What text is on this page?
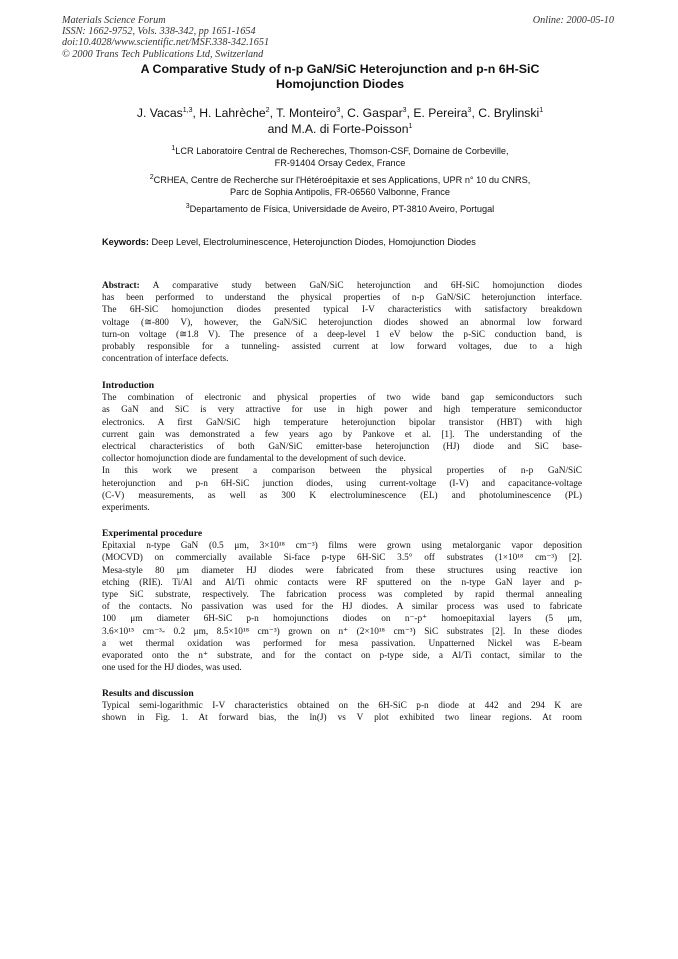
Materials Science Forum
ISSN: 1662-9752, Vols. 338-342, pp 1651-1654
doi:10.4028/www.scientific.net/MSF.338-342.1651
© 2000 Trans Tech Publications Ltd, Switzerland
Online: 2000-05-10
A Comparative Study of n-p GaN/SiC Heterojunction and p-n 6H-SiC
Homojunction Diodes
J. Vacas$^{1,3}$, H. Lahrèche$^2$, T. Monteiro$^3$, C. Gaspar$^3$, E. Pereira$^3$, C. Brylinski$^1$
and M.A. di Forte-Poisson$^1$
$^1$LCR Laboratoire Central de Rechereches, Thomson-CSF, Domaine de Corbeville,
FR-91404 Orsay Cedex, France
$^2$CRHEA, Centre de Recherche sur l'Hétéroépitaxie et ses Applications, UPR n° 10 du CNRS,
Parc de Sophia Antipolis, FR-06560 Valbonne, France
$^3$Departamento de Física, Universidade de Aveiro, PT-3810 Aveiro, Portugal
Keywords: Deep Level, Electroluminescence, Heterojunction Diodes, Homojunction Diodes
Abstract: A comparative study between GaN/SiC heterojunction and 6H-SiC homojunction diodes
has been performed to understand the physical properties of n-p GaN/SiC heterojunction interface.
The 6H-SiC homojunction diodes presented typical I-V characteristics with satisfactory breakdown
voltage (≅-800 V), however, the GaN/SiC heterojunction diodes showed an abnormal low forward
turn-on voltage (≅1.8 V). The presence of a deep-level 1 eV below the p-SiC conduction band, is
probably responsible for a tunneling- assisted current at low forward voltages, due to a high
concentration of interface defects.
Introduction
The combination of electronic and physical properties of two wide band gap semiconductors such
as GaN and SiC is very attractive for use in high power and high temperature semiconductor
electronics. A first GaN/SiC high temperature heterojunction bipolar transistor (HBT) with high
current gain was demonstrated a few years ago by Pankove et al. [1]. The understanding of the
electrical characteristics of both GaN/SiC emitter-base heterojunction (HJ) diode and SiC base-
collector homojunction diode are fundamental to the development of such device.
In this work we present a comparison between the physical properties of n-p GaN/SiC
heterojunction and p-n 6H-SiC junction diodes, using current-voltage (I-V) and capacitance-voltage
(C-V) measurements, as well as 300 K electroluminescence (EL) and photoluminescence (PL)
experiments.
Experimental procedure
Epitaxial n-type GaN (0.5 μm, 3×10¹⁸ cm⁻³) films were grown using metalorganic vapor deposition
(MOCVD) on commercially available Si-face p-type 6H-SiC 3.5° off substrates (1×10¹⁸ cm⁻³) [2].
Mesa-style 80 μm diameter HJ diodes were fabricated from these structures using reactive ion
etching (RIE). Ti/Al and Al/Ti ohmic contacts were RF sputtered on the n-type GaN layer and p-
type SiC substrate, respectively. The fabrication process was completed by rapid thermal annealing
of the contacts. No passivation was used for the HJ diodes. A similar process was used to fabricate
100 μm diameter 6H-SiC p-n homojunctions diodes on n⁻-p⁺ homoepitaxial layers (5 μm,
3.6×10¹⁵ cm⁻³- 0.2 μm, 8.5×10¹⁸ cm⁻³) grown on n⁺ (2×10¹⁸ cm⁻³) SiC substrates [2]. In these diodes
a wet thermal oxidation was performed for mesa passivation. Unpatterned Nickel was E-beam
evaporated onto the n⁺ substrate, and for the contact on p-type side, a Al/Ti contact, similar to the
one used for the HJ diodes, was used.
Results and discussion
Typical semi-logarithmic I-V characteristics obtained on the 6H-SiC p-n diode at 442 and 294 K are
shown in Fig. 1. At forward bias, the ln(J) vs V plot exhibited two linear regions. At room
